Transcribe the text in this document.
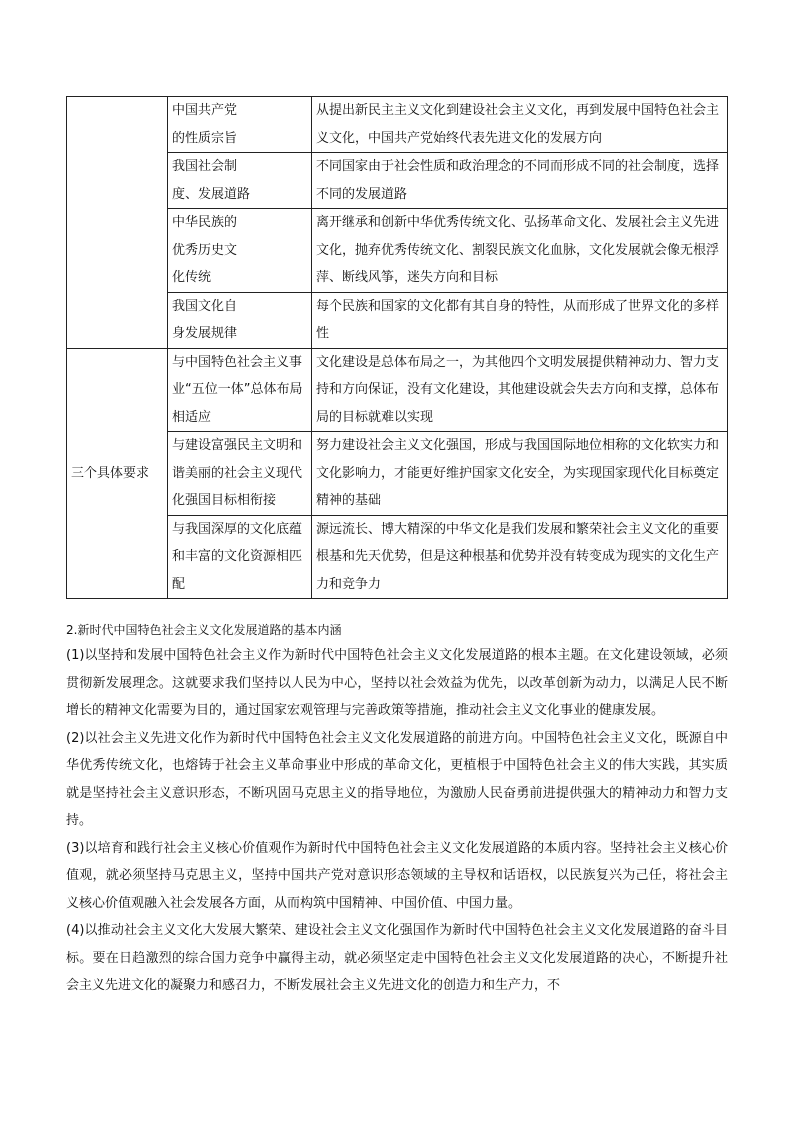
	中国共产党
的性质宗旨	从提出新民主主义文化到建设社会主义文化，再到发展中国特色社会主义文化，中国共产党始终代表先进文化的发展方向
	我国社会制
度、发展道路	不同国家由于社会性质和政治理念的不同而形成不同的社会制度，选择不同的发展道路
	中华民族的
优秀历史文
化传统	离开继承和创新中华优秀传统文化、弘扬革命文化、发展社会主义先进文化，抛弃优秀传统文化、割裂民族文化血脉，文化发展就会像无根浮萍、断线风筝，迷失方向和目标
	我国文化自
身发展规律	每个民族和国家的文化都有其自身的特性，从而形成了世界文化的多样性
三个具体要求	与中国特色社会主义事业“五位一体”总体布局相适应	文化建设是总体布局之一，为其他四个文明发展提供精神动力、智力支持和方向保证，没有文化建设，其他建设就会失去方向和支撑，总体布局的目标就难以实现
	与建设富强民主文明和谐美丽的社会主义现代化强国目标相衔接	努力建设社会主义文化强国，形成与我国国际地位相称的文化软实力和文化影响力，才能更好维护国家文化安全，为实现国家现代化目标奠定精神的基础
	与我国深厚的文化底蕴和丰富的文化资源相匹配	源远流长、博大精深的中华文化是我们发展和繁荣社会主义文化的重要根基和先天优势，但是这种根基和优势并没有转变成为现实的文化生产力和竞争力

2.新时代中国特色社会主义文化发展道路的基本内涵

(1)以坚持和发展中国特色社会主义作为新时代中国特色社会主义文化发展道路的根本主题。在文化建设领域，必须贯彻新发展理念。这就要求我们坚持以人民为中心，坚持以社会效益为优先，以改革创新为动力，以满足人民不断增长的精神文化需要为目的，通过国家宏观管理与完善政策等措施，推动社会主义文化事业的健康发展。

(2)以社会主义先进文化作为新时代中国特色社会主义文化发展道路的前进方向。中国特色社会主义文化，既源自中华优秀传统文化，也熔铸于社会主义革命事业中形成的革命文化，更植根于中国特色社会主义的伟大实践，其实质就是坚持社会主义意识形态，不断巩固马克思主义的指导地位，为激励人民奋勇前进提供强大的精神动力和智力支持。

(3)以培育和践行社会主义核心价值观作为新时代中国特色社会主义文化发展道路的本质内容。坚持社会主义核心价值观，就必须坚持马克思主义，坚持中国共产党对意识形态领域的主导权和话语权，以民族复兴为己任，将社会主义核心价值观融入社会发展各方面，从而构筑中国精神、中国价值、中国力量。

(4)以推动社会主义文化大发展大繁荣、建设社会主义文化强国作为新时代中国特色社会主义文化发展道路的奋斗目标。要在日趋激烈的综合国力竞争中赢得主动，就必须坚定走中国特色社会主义文化发展道路的决心，不断提升社会主义先进文化的凝聚力和感召力，不断发展社会主义先进文化的创造力和生产力，不
